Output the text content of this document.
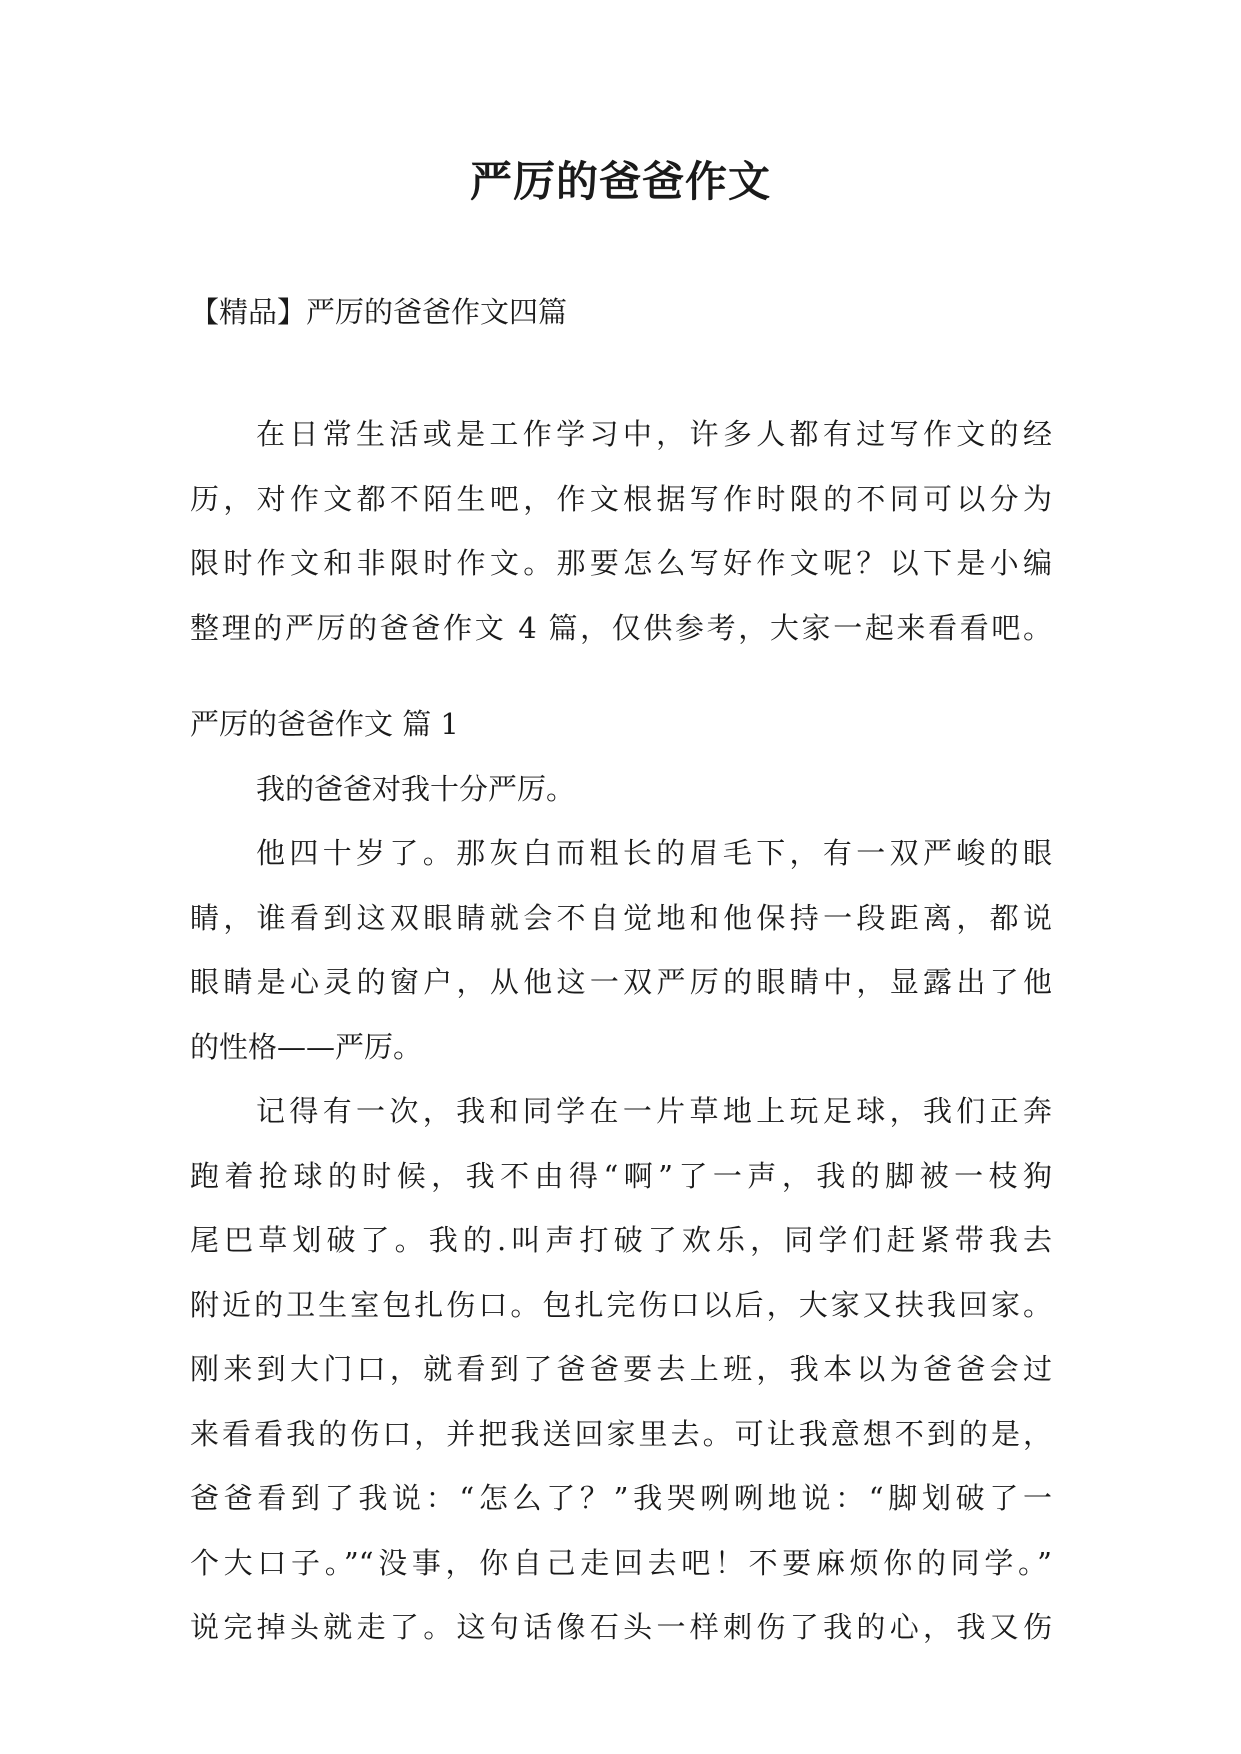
严厉的爸爸作文
【精品】严厉的爸爸作文四篇
在日常生活或是工作学习中，许多人都有过写作文的经
历，对作文都不陌生吧，作文根据写作时限的不同可以分为
限时作文和非限时作文。那要怎么写好作文呢？以下是小编
整理的严厉的爸爸作文 4 篇，仅供参考，大家一起来看看吧。
严厉的爸爸作文 篇 1
我的爸爸对我十分严厉。
他四十岁了。那灰白而粗长的眉毛下，有一双严峻的眼
睛，谁看到这双眼睛就会不自觉地和他保持一段距离，都说
眼睛是心灵的窗户，从他这一双严厉的眼睛中，显露出了他
的性格——严厉。
记得有一次，我和同学在一片草地上玩足球，我们正奔
跑着抢球的时候，我不由得“啊”了一声，我的脚被一枝狗
尾巴草划破了。我的.叫声打破了欢乐，同学们赶紧带我去
附近的卫生室包扎伤口。包扎完伤口以后，大家又扶我回家。
刚来到大门口，就看到了爸爸要去上班，我本以为爸爸会过
来看看我的伤口，并把我送回家里去。可让我意想不到的是，
爸爸看到了我说：“怎么了？”我哭咧咧地说：“脚划破了一
个大口子。”“没事，你自己走回去吧！不要麻烦你的同学。”
说完掉头就走了。这句话像石头一样刺伤了我的心，我又伤
